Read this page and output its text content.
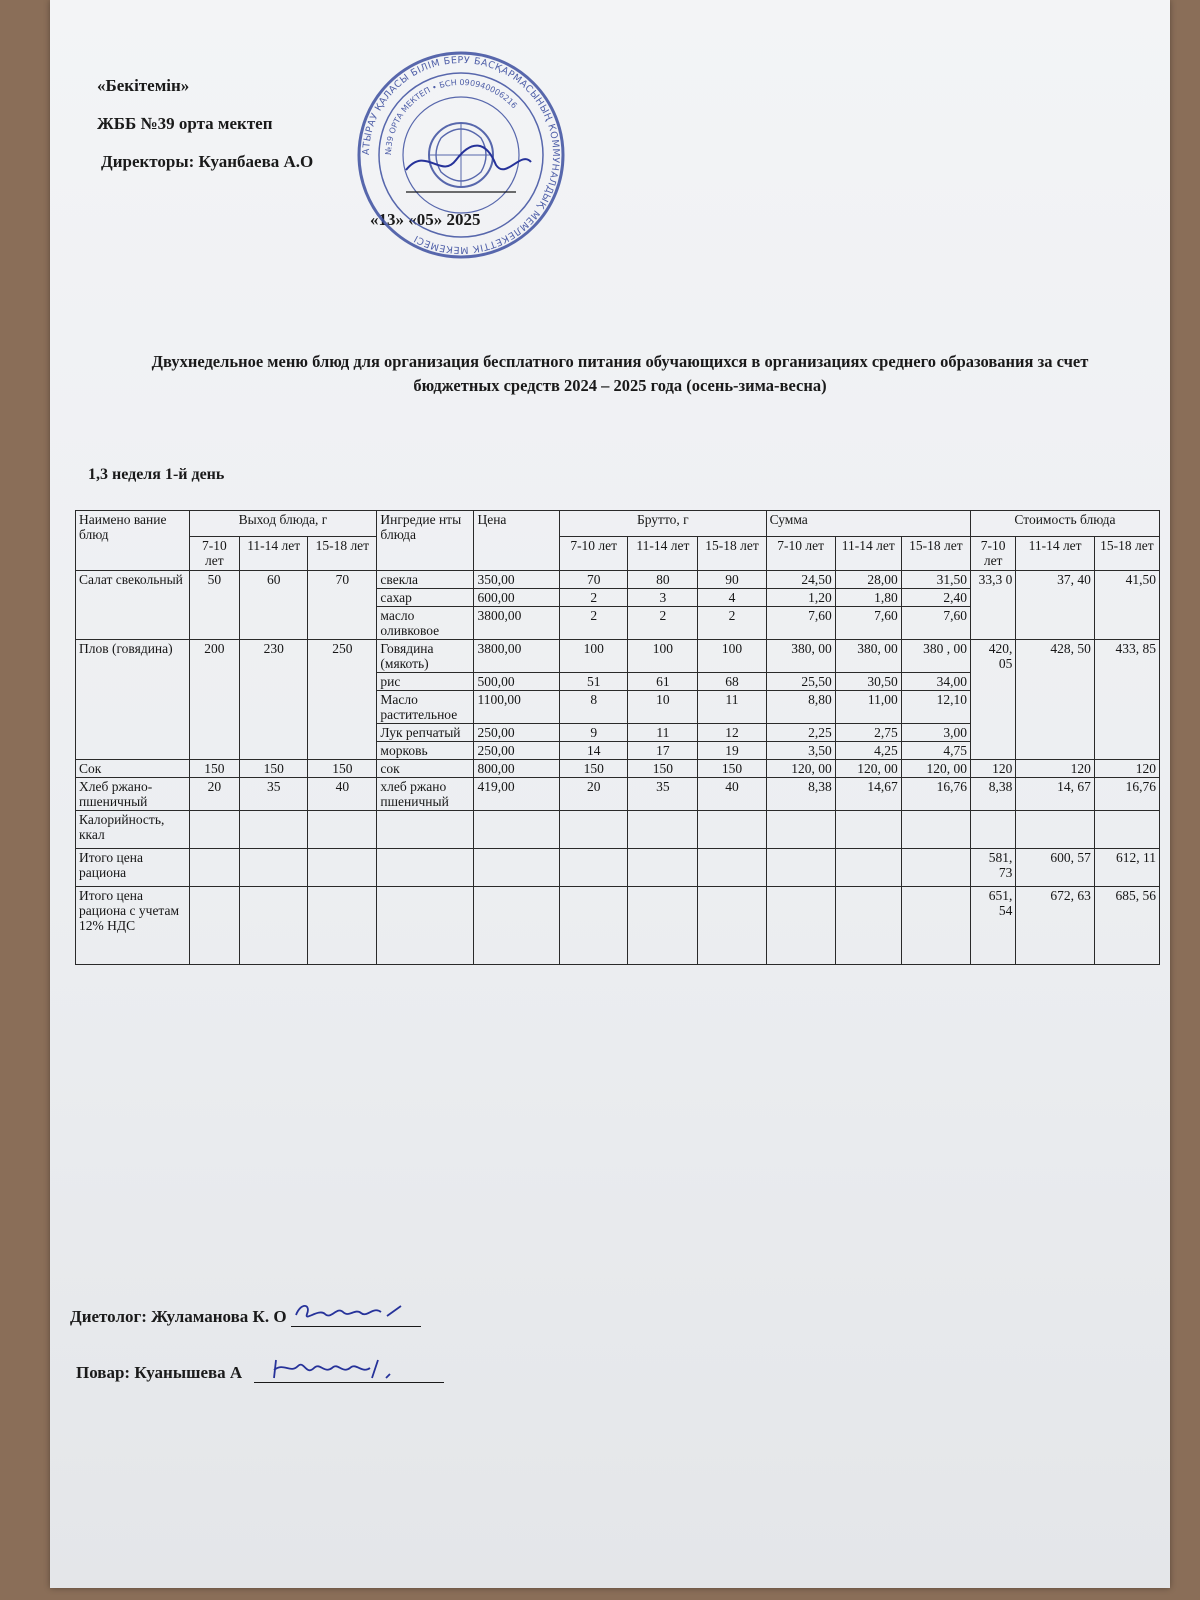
«Бекітемін»
ЖББ №39 орта мектеп
Директоры: Куанбаева А.О
«13» «05» 2025
АТЫРАУ ҚАЛАСЫ БІЛІМ БЕРУ БАСҚАРМАСЫНЫҢ КОММУНАЛДЫҚ МЕМЛЕКЕТТІК МЕКЕМЕСІ
№39 ОРТА МЕКТЕП • БСН 090940006216
Двухнедельное меню блюд для организация бесплатного питания обучающихся в организациях среднего образования за счет бюджетных средств 2024 – 2025 года (осень-зима-весна)
1,3 неделя 1-й день
Наимено вание блюд	Выход блюда, г			Ингредие нты блюда	Цена	Брутто, г			Сумма			Стоимость блюда		
	7-10 лет	11-14 лет	15-18 лет			7-10 лет	11-14 лет	15-18 лет	7-10 лет	11-14 лет	15-18 лет	7-10 лет	11-14 лет	15-18 лет
Салат свекольный	50	60	70	свекла	350,00	70	80	90	24,50	28,00	31,50	33,3 0	37, 40	41,50
				сахар	600,00	2	3	4	1,20	1,80	2,40			
				масло оливковое	3800,00	2	2	2	7,60	7,60	7,60			
Плов (говядина)	200	230	250	Говядина (мякоть)	3800,00	100	100	100	380, 00	380, 00	380 , 00	420, 05	428, 50	433, 85
				рис	500,00	51	61	68	25,50	30,50	34,00			
				Масло растительное	1100,00	8	10	11	8,80	11,00	12,10			
				Лук репчатый	250,00	9	11	12	2,25	2,75	3,00			
				морковь	250,00	14	17	19	3,50	4,25	4,75			
Сок	150	150	150	сок	800,00	150	150	150	120, 00	120, 00	120, 00	120	120	120
Хлеб ржано-пшеничный	20	35	40	хлеб ржано пшеничный	419,00	20	35	40	8,38	14,67	16,76	8,38	14, 67	16,76
Калорийность, ккал														
Итого цена рациона												581, 73	600, 57	612, 11
Итого цена рациона с учетам 12% НДС												651, 54	672, 63	685, 56
Диетолог: Жуламанова К. О
Повар: Куанышева А
